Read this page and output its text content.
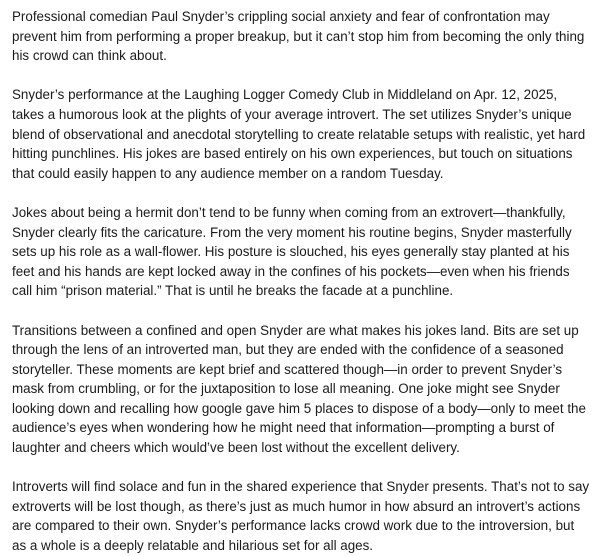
Professional comedian Paul Snyder’s crippling social anxiety and fear of confrontation may prevent him from performing a proper breakup, but it can’t stop him from becoming the only thing his crowd can think about.

Snyder’s performance at the Laughing Logger Comedy Club in Middleland on Apr. 12, 2025, takes a humorous look at the plights of your average introvert. The set utilizes Snyder’s unique blend of observational and anecdotal storytelling to create relatable setups with realistic, yet hard hitting punchlines. His jokes are based entirely on his own experiences, but touch on situations that could easily happen to any audience member on a random Tuesday.

Jokes about being a hermit don’t tend to be funny when coming from an extrovert—thankfully, Snyder clearly fits the caricature. From the very moment his routine begins, Snyder masterfully sets up his role as a wall-flower. His posture is slouched, his eyes generally stay planted at his feet and his hands are kept locked away in the confines of his pockets—even when his friends call him “prison material.” That is until he breaks the facade at a punchline.

Transitions between a confined and open Snyder are what makes his jokes land. Bits are set up through the lens of an introverted man, but they are ended with the confidence of a seasoned storyteller. These moments are kept brief and scattered though—in order to prevent Snyder’s mask from crumbling, or for the juxtaposition to lose all meaning. One joke might see Snyder looking down and recalling how google gave him 5 places to dispose of a body—only to meet the audience’s eyes when wondering how he might need that information—prompting a burst of laughter and cheers which would’ve been lost without the excellent delivery.

Introverts will find solace and fun in the shared experience that Snyder presents. That’s not to say extroverts will be lost though, as there’s just as much humor in how absurd an introvert’s actions are compared to their own. Snyder’s performance lacks crowd work due to the introversion, but as a whole is a deeply relatable and hilarious set for all ages.
